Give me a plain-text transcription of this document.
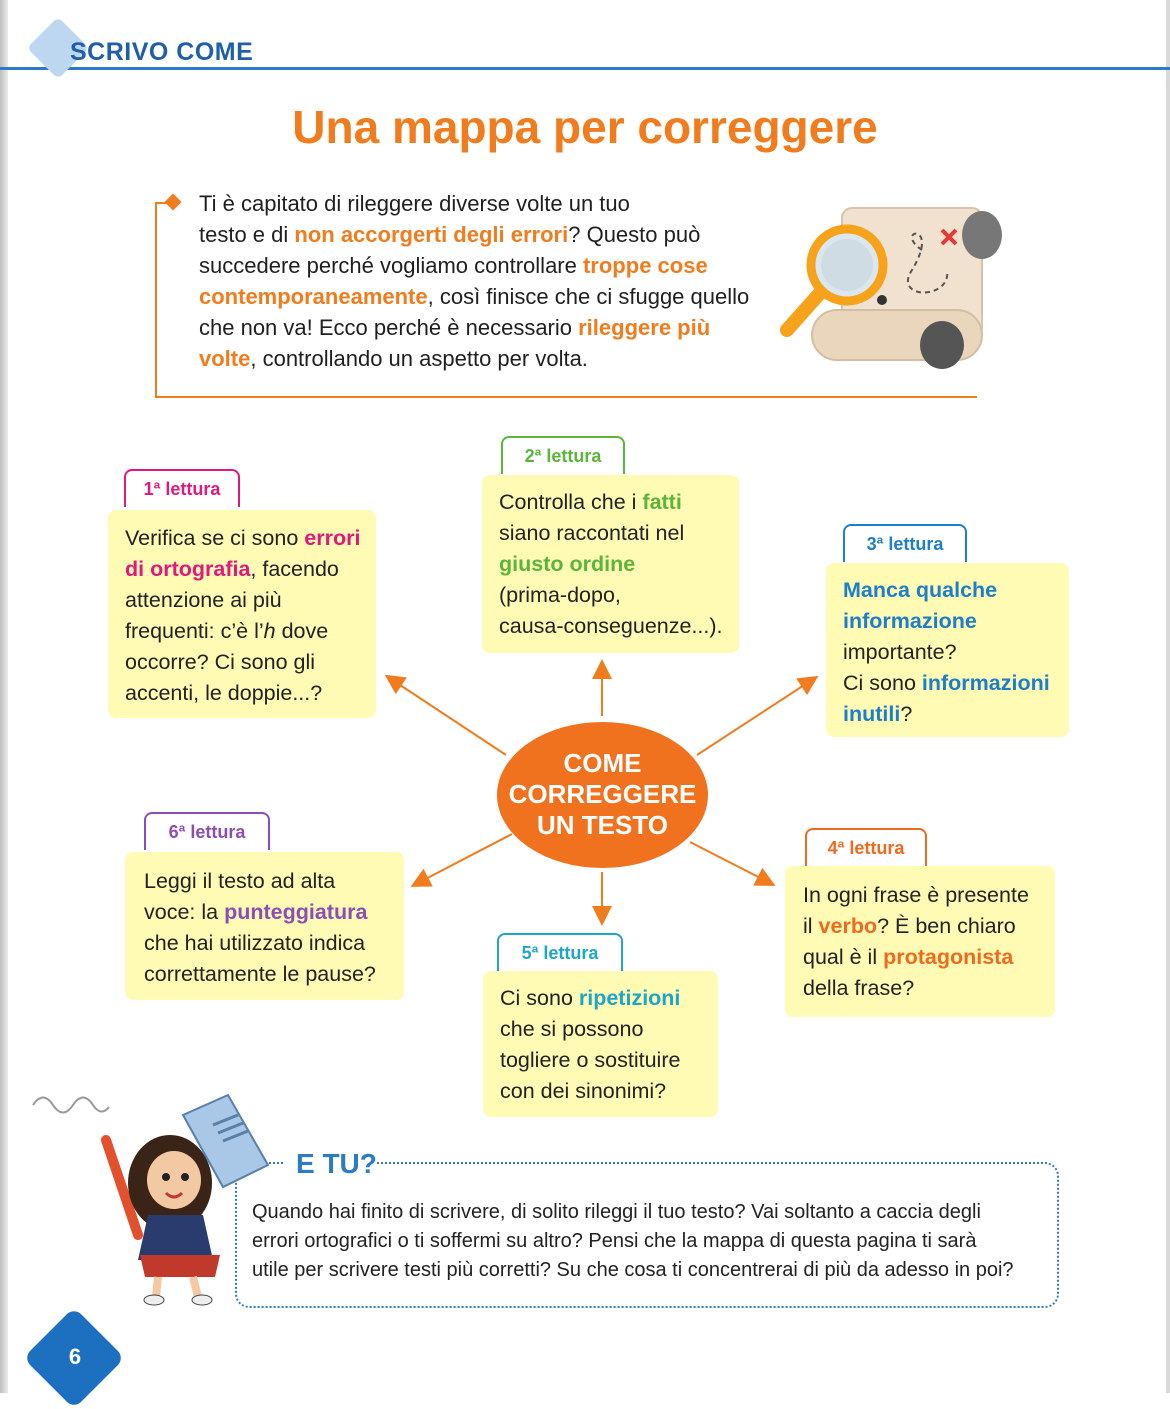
SCRIVO COME
Una mappa per correggere
Ti è capitato di rileggere diverse volte un tuo
testo e di non accorgerti degli errori? Questo può
succedere perché vogliamo controllare troppe cose
contemporaneamente, così finisce che ci sfugge quello
che non va! Ecco perché è necessario rileggere più
volte, controllando un aspetto per volta.
COME
CORREGGERE
UN TESTO
1ª lettura
Verifica se ci sono errori
di ortografia, facendo
attenzione ai più
frequenti: c’è l’h dove
occorre? Ci sono gli
accenti, le doppie...?
2ª lettura
Controlla che i fatti
siano raccontati nel
giusto ordine
(prima-dopo,
causa-conseguenze...).
3ª lettura
Manca qualche
informazione
importante?
Ci sono informazioni
inutili?
4ª lettura
In ogni frase è presente
il verbo? È ben chiaro
qual è il protagonista
della frase?
5ª lettura
Ci sono ripetizioni
che si possono
togliere o sostituire
con dei sinonimi?
6ª lettura
Leggi il testo ad alta
voce: la punteggiatura
che hai utilizzato indica
correttamente le pause?
E TU?
Quando hai finito di scrivere, di solito rileggi il tuo testo? Vai soltanto a caccia degli
errori ortografici o ti soffermi su altro? Pensi che la mappa di questa pagina ti sarà
utile per scrivere testi più corretti? Su che cosa ti concentrerai di più da adesso in poi?
6
